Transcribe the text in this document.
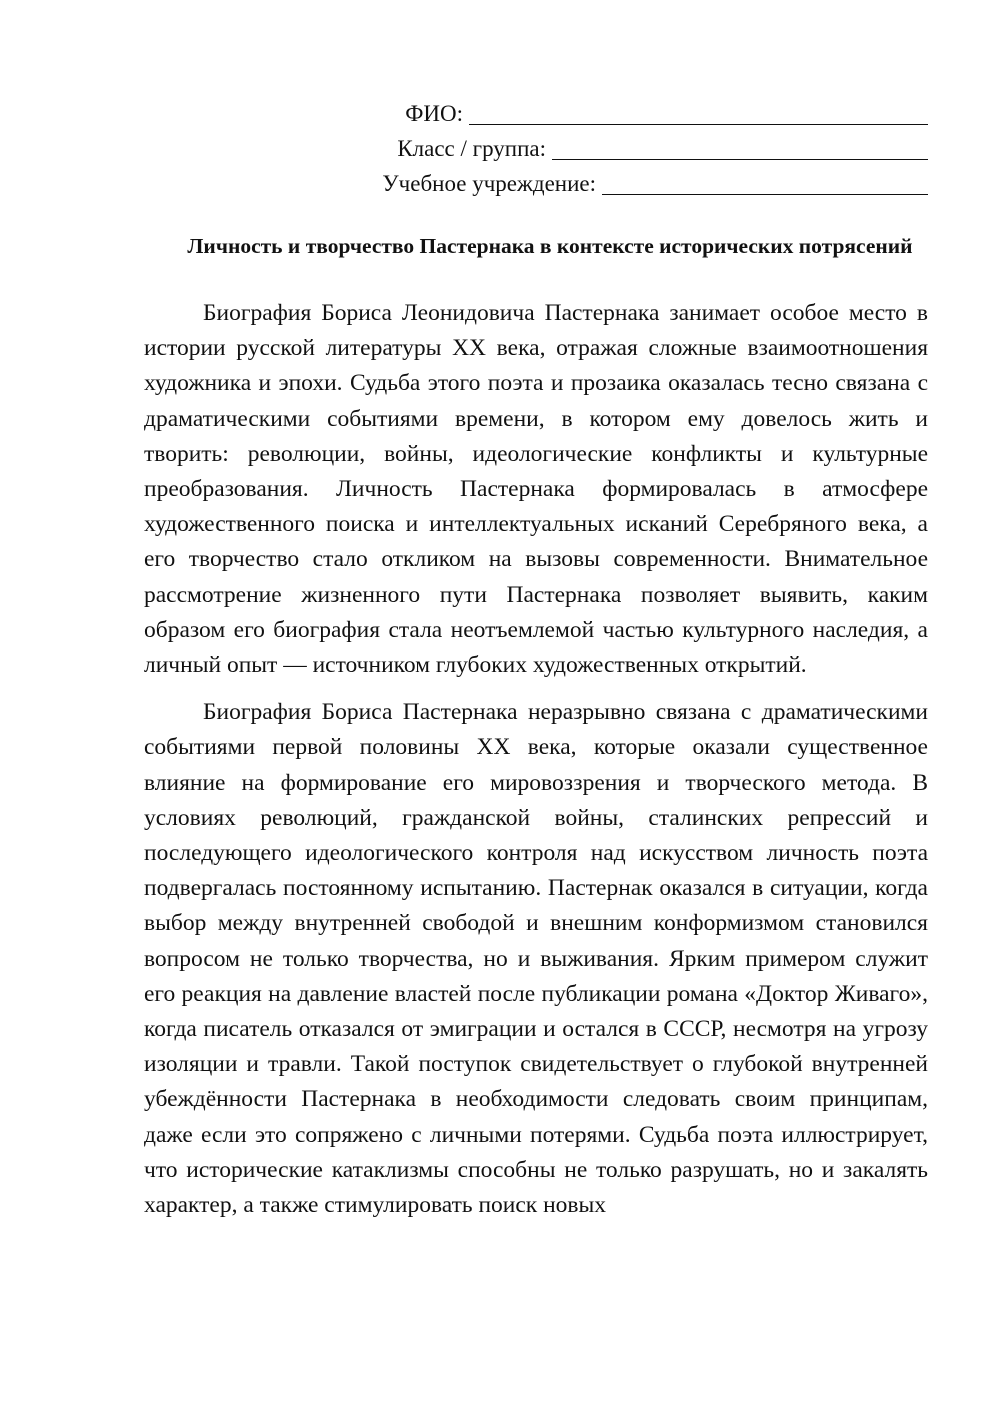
ФИО:
Класс / группа:
Учебное учреждение:
Личность и творчество Пастернака в контексте исторических потрясений

Биография Бориса Леонидовича Пастернака занимает особое место в истории русской литературы XX века, отражая сложные взаимоотношения художника и эпохи. Судьба этого поэта и прозаика оказалась тесно связана с драматическими событиями времени, в котором ему довелось жить и творить: революции, войны, идеологические конфликты и культурные преобразования. Личность Пастернака формировалась в атмосфере художественного поиска и интеллектуальных исканий Серебряного века, а его творчество стало откликом на вызовы современности. Внимательное рассмотрение жизненного пути Пастернака позволяет выявить, каким образом его биография стала неотъемлемой частью культурного наследия, а личный опыт — источником глубоких художественных открытий.

Биография Бориса Пастернака неразрывно связана с драматическими событиями первой половины XX века, которые оказали существенное влияние на формирование его мировоззрения и творческого метода. В условиях революций, гражданской войны, сталинских репрессий и последующего идеологического контроля над искусством личность поэта подвергалась постоянному испытанию. Пастернак оказался в ситуации, когда выбор между внутренней свободой и внешним конформизмом становился вопросом не только творчества, но и выживания. Ярким примером служит его реакция на давление властей после публикации романа «Доктор Живаго», когда писатель отказался от эмиграции и остался в СССР, несмотря на угрозу изоляции и травли. Такой поступок свидетельствует о глубокой внутренней убеждённости Пастернака в необходимости следовать своим принципам, даже если это сопряжено с личными потерями. Судьба поэта иллюстрирует, что исторические катаклизмы способны не только разрушать, но и закалять характер, а также стимулировать поиск новых
